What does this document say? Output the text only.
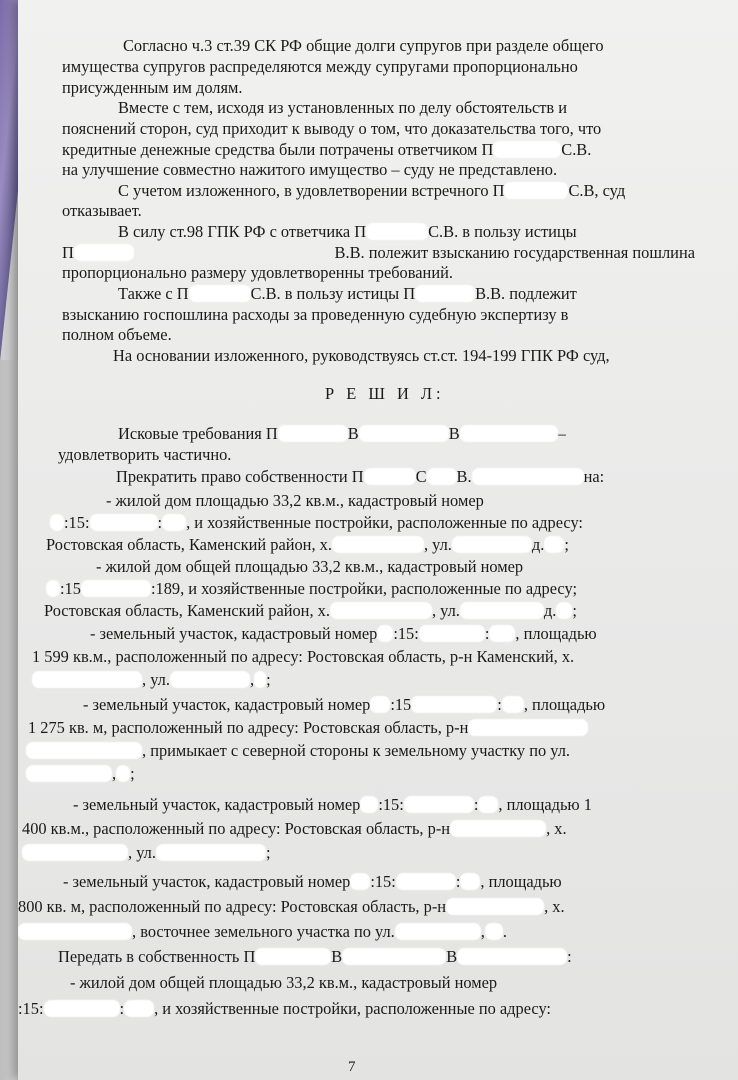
Согласно ч.3 ст.39 СК РФ общие долги супругов при разделе общего
имущества супругов распределяются между супругами пропорционально
присужденным им долям.
Вместе с тем, исходя из установленных по делу обстоятельств и
пояснений сторон, суд приходит к выводу о том, что доказательства того, что
кредитные денежные средства были потрачены ответчиком П	С.В.
на улучшение совместно нажитого имущество – суду не представлено.
С учетом изложенного, в удовлетворении встречного П	С.В, суд
отказывает.
В силу ст.98 ГПК РФ с ответчика П	С.В. в пользу истицы
П	В.В. полежит взысканию государственная пошлина
пропорционально размеру удовлетворенны требований.
Также с П	С.В. в пользу истицы П	В.В. подлежит
взысканию госпошлина расходы за проведенную судебную экспертизу в
полном объеме.
На основании изложенного, руководствуясь ст.ст. 194-199 ГПК РФ суд,
Р Е Ш И Л:
Исковые требования П	В	В	–
удовлетворить частично.
Прекратить право собственности П	С В.	на:
- жилой дом площадью 33,2 кв.м., кадастровый номер
:15:	: , и хозяйственные постройки, расположенные по адресу:
Ростовская область, Каменский район, х.	, ул.	д. ;
- жилой дом общей площадью 33,2 кв.м., кадастровый номер
:15	:189, и хозяйственные постройки, расположенные по адресу;
Ростовская область, Каменский район, х.	, ул.	д. ;
- земельный участок, кадастровый номер :15:	: , площадью
1 599 кв.м., расположенный по адресу: Ростовская область, р-н Каменский, х.
, ул.	, ;
- земельный участок, кадастровый номер :15	: , площадью
1 275 кв. м, расположенный по адресу: Ростовская область, р-н
, примыкает с северной стороны к земельному участку по ул.
, ;
- земельный участок, кадастровый номер :15:	: , площадью 1
400 кв.м., расположенный по адресу: Ростовская область, р-н	, х.
, ул.	;
- земельный участок, кадастровый номер :15:	: , площадью
800 кв. м, расположенный по адресу: Ростовская область, р-н	, х.
, восточнее земельного участка по ул.	, .
Передать в собственность П	В	В	:
- жилой дом общей площадью 33,2 кв.м., кадастровый номер
:15:	: , и хозяйственные постройки, расположенные по адресу:
7
